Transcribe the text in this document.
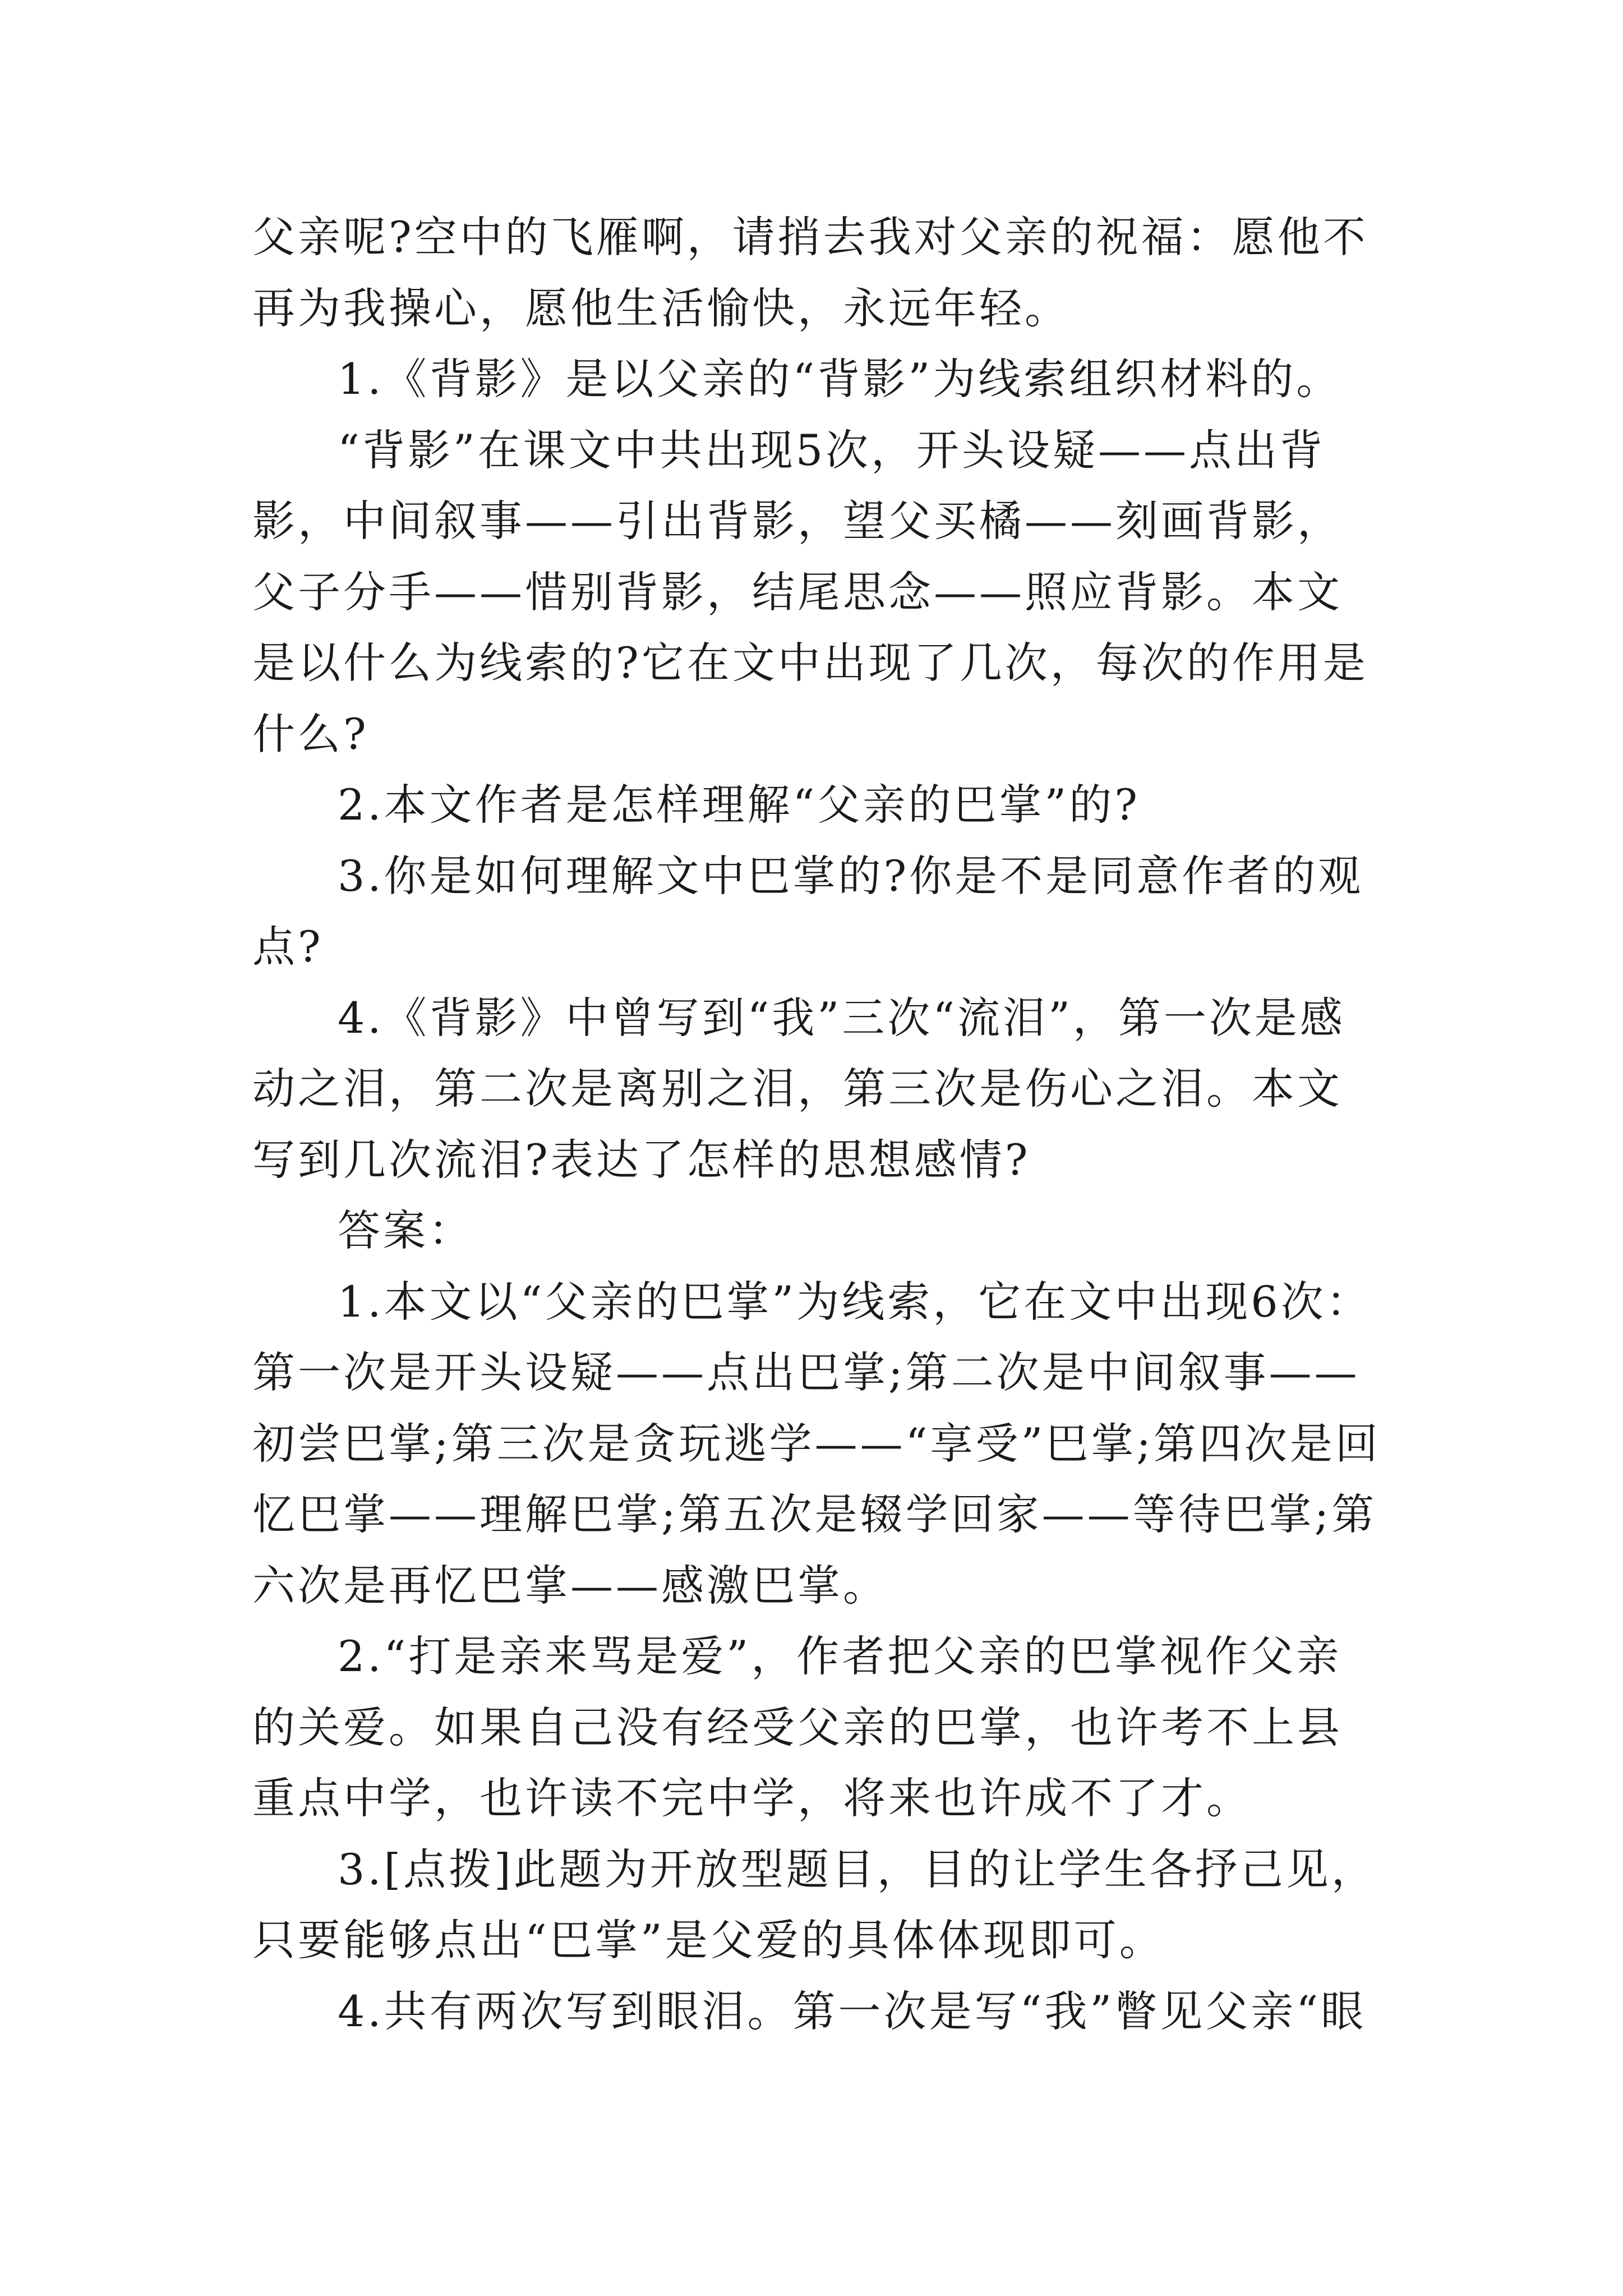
父亲呢?空中的飞雁啊，请捎去我对父亲的祝福：愿他不再为我操心，愿他生活愉快，永远年轻。

1.《背影》是以父亲的“背影”为线索组织材料的。

“背影”在课文中共出现5次，开头设疑——点出背影，中间叙事——引出背影，望父买橘——刻画背影，父子分手——惜别背影，结尾思念——照应背影。本文是以什么为线索的?它在文中出现了几次，每次的作用是什么?

2.本文作者是怎样理解“父亲的巴掌”的?

3.你是如何理解文中巴掌的?你是不是同意作者的观点?

4.《背影》中曾写到“我”三次“流泪”，第一次是感动之泪，第二次是离别之泪，第三次是伤心之泪。本文写到几次流泪?表达了怎样的思想感情?

答案：

1.本文以“父亲的巴掌”为线索，它在文中出现6次：第一次是开头设疑——点出巴掌;第二次是中间叙事——初尝巴掌;第三次是贪玩逃学——“享受”巴掌;第四次是回忆巴掌——理解巴掌;第五次是辍学回家——等待巴掌;第六次是再忆巴掌——感激巴掌。

2.“打是亲来骂是爱”，作者把父亲的巴掌视作父亲的关爱。如果自己没有经受父亲的巴掌，也许考不上县重点中学，也许读不完中学，将来也许成不了才。

3.[点拨]此题为开放型题目，目的让学生各抒己见，只要能够点出“巴掌”是父爱的具体体现即可。

4.共有两次写到眼泪。第一次是写“我”瞥见父亲“眼
